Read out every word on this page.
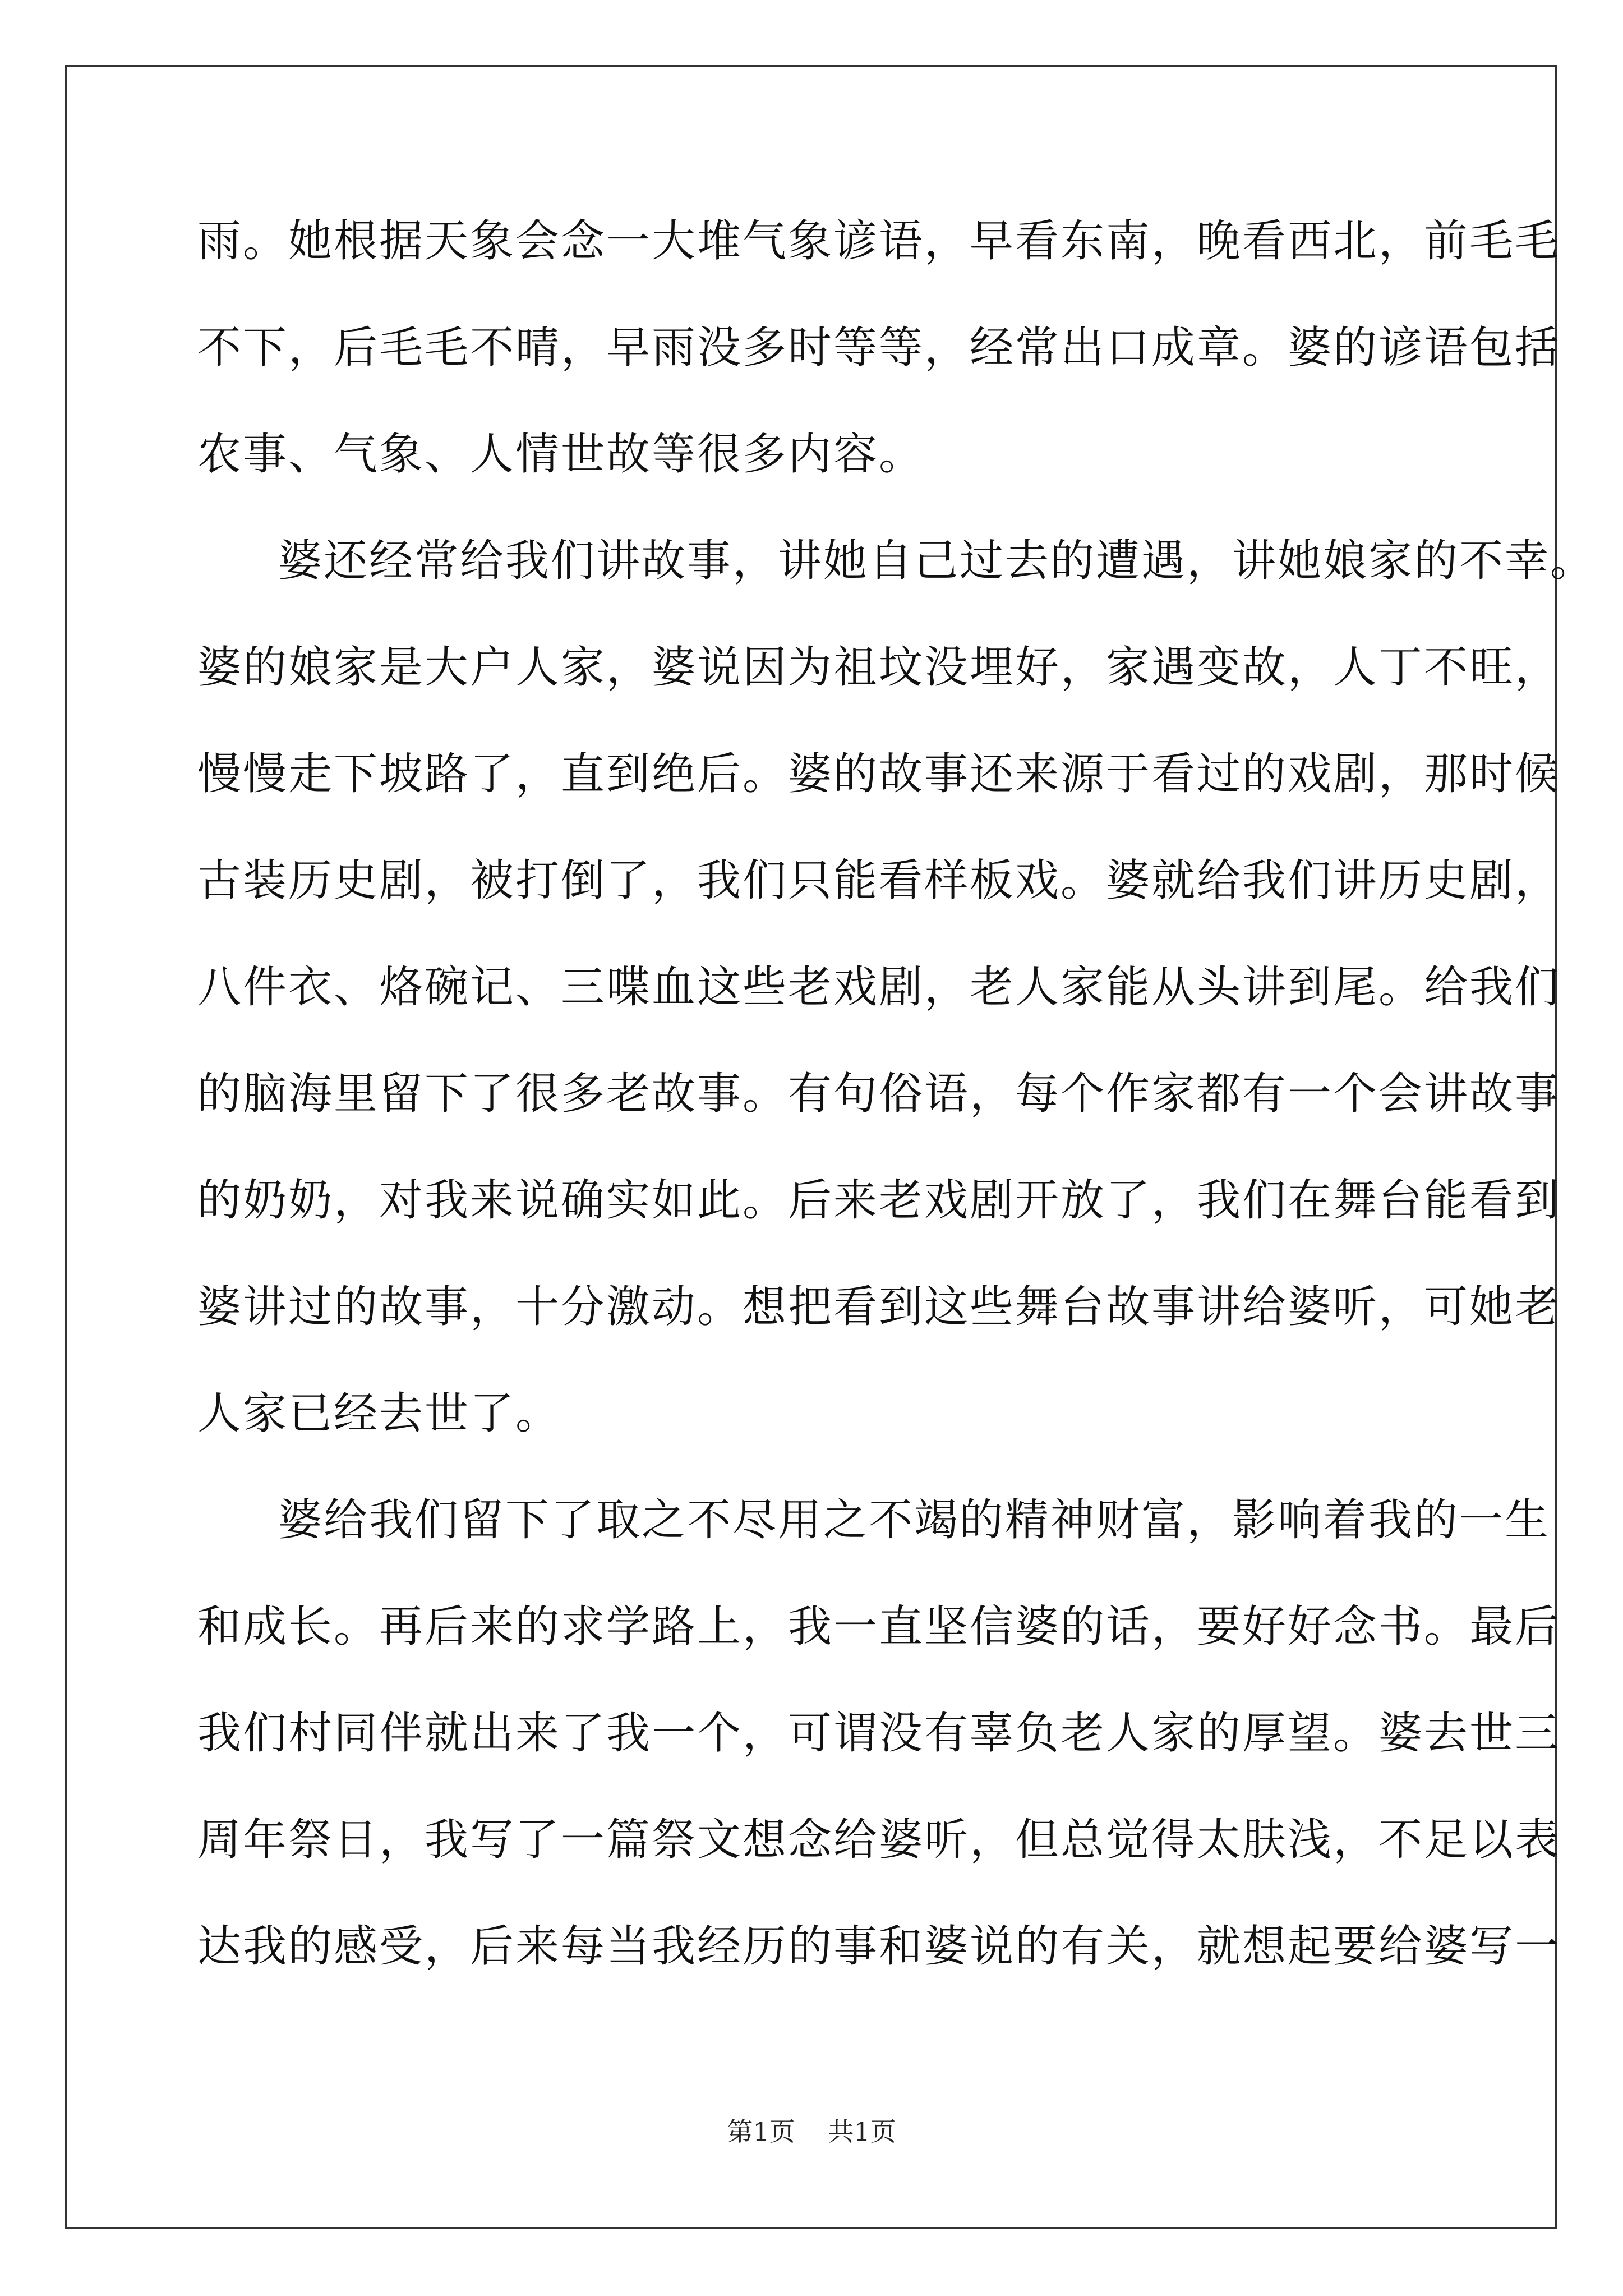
雨。她根据天象会念一大堆气象谚语，早看东南，晚看西北，前毛毛
不下，后毛毛不晴，早雨没多时等等，经常出口成章。婆的谚语包括
农事、气象、人情世故等很多内容。
婆还经常给我们讲故事，讲她自己过去的遭遇，讲她娘家的不幸。
婆的娘家是大户人家，婆说因为祖坟没埋好，家遇变故，人丁不旺，
慢慢走下坡路了，直到绝后。婆的故事还来源于看过的戏剧，那时候
古装历史剧，被打倒了，我们只能看样板戏。婆就给我们讲历史剧，
八件衣、烙碗记、三喋血这些老戏剧，老人家能从头讲到尾。给我们
的脑海里留下了很多老故事。有句俗语，每个作家都有一个会讲故事
的奶奶，对我来说确实如此。后来老戏剧开放了，我们在舞台能看到
婆讲过的故事，十分激动。想把看到这些舞台故事讲给婆听，可她老
人家已经去世了。
婆给我们留下了取之不尽用之不竭的精神财富，影响着我的一生
和成长。再后来的求学路上，我一直坚信婆的话，要好好念书。最后
我们村同伴就出来了我一个，可谓没有辜负老人家的厚望。婆去世三
周年祭日，我写了一篇祭文想念给婆听，但总觉得太肤浅，不足以表
达我的感受，后来每当我经历的事和婆说的有关，就想起要给婆写一
第1页 共1页
